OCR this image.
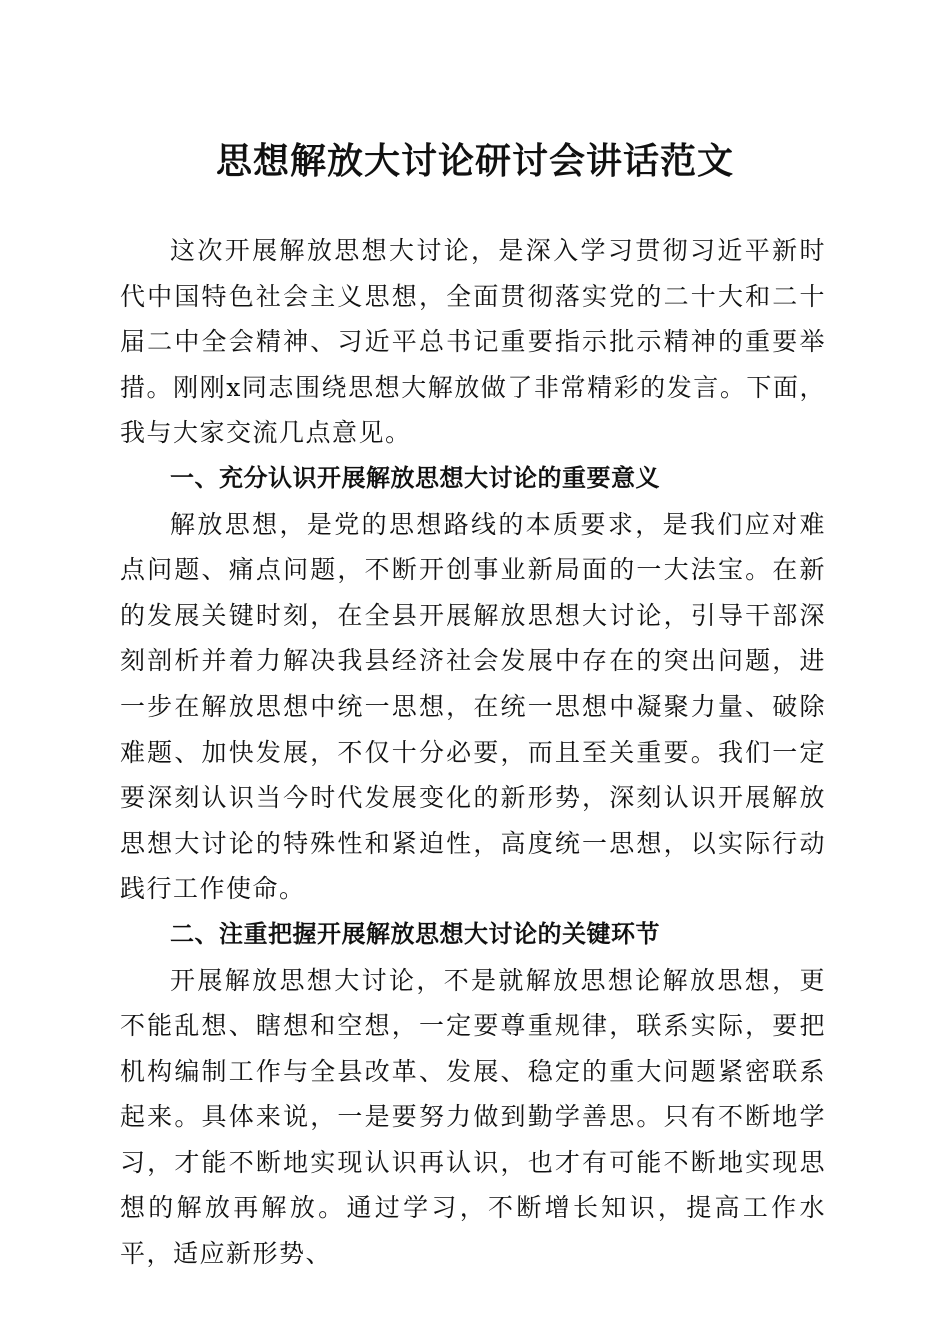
思想解放大讨论研讨会讲话范文

这次开展解放思想大讨论，是深入学习贯彻习近平新时代中国特色社会主义思想，全面贯彻落实党的二十大和二十届二中全会精神、习近平总书记重要指示批示精神的重要举措。刚刚x同志围绕思想大解放做了非常精彩的发言。下面，我与大家交流几点意见。

一、充分认识开展解放思想大讨论的重要意义

解放思想，是党的思想路线的本质要求，是我们应对难点问题、痛点问题，不断开创事业新局面的一大法宝。在新的发展关键时刻，在全县开展解放思想大讨论，引导干部深刻剖析并着力解决我县经济社会发展中存在的突出问题，进一步在解放思想中统一思想，在统一思想中凝聚力量、破除难题、加快发展，不仅十分必要，而且至关重要。我们一定要深刻认识当今时代发展变化的新形势，深刻认识开展解放思想大讨论的特殊性和紧迫性，高度统一思想，以实际行动践行工作使命。

二、注重把握开展解放思想大讨论的关键环节

开展解放思想大讨论，不是就解放思想论解放思想，更不能乱想、瞎想和空想，一定要尊重规律，联系实际，要把机构编制工作与全县改革、发展、稳定的重大问题紧密联系起来。具体来说，一是要努力做到勤学善思。只有不断地学习，才能不断地实现认识再认识，也才有可能不断地实现思想的解放再解放。通过学习，不断增长知识，提高工作水平，适应新形势、
